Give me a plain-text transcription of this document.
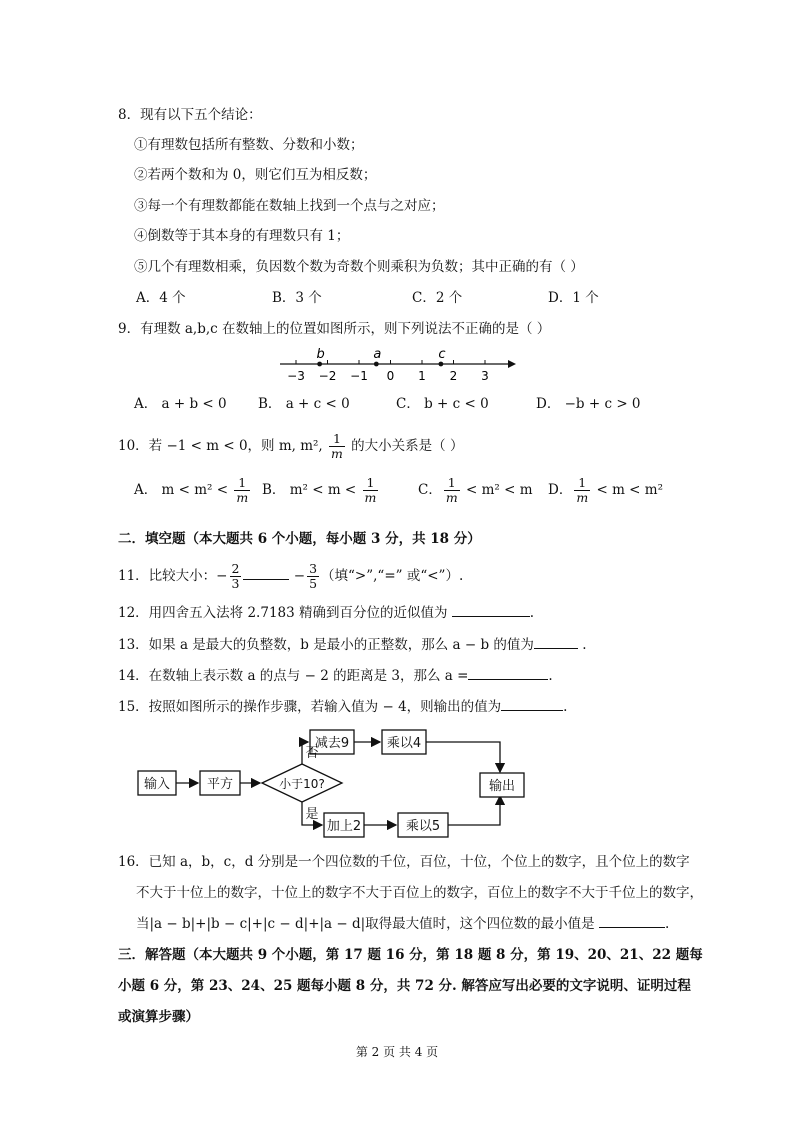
8．现有以下五个结论：
①有理数包括所有整数、分数和小数；
②若两个数和为 0，则它们互为相反数；
③每一个有理数都能在数轴上找到一个点与之对应；
④倒数等于其本身的有理数只有 1；
⑤几个有理数相乘，负因数个数为奇数个则乘积为负数；其中正确的有（ ）
A．4 个	B．3 个	C．2 个	D．1 个
9．有理数 a,b,c 在数轴上的位置如图所示，则下列说法不正确的是（ ）
−3 −2 −1 0 1 2 3
b	a	c
A． a + b < 0 B． a + c < 0	C． b + c < 0	D． −b + c > 0
10．若 −1 < m < 0，则 m, m², $\frac{1}{m}$ 的大小关系是（ ）
A． $m < m^2 < \frac{1}{m}$ B． $m^2 < m < \frac{1}{m}$	C． $\frac{1}{m} < m^2 < m$ D． $\frac{1}{m} < m < m^2$
二．填空题（本大题共 6 个小题，每小题 3 分，共 18 分）
11．比较大小：− $\frac{2}{3}$	− $\frac{3}{5}$ （填“>”,“=” 或“<”）.
12．用四舍五入法将 2.7183 精确到百分位的近似值为	.
13．如果 a 是最大的负整数，b 是最小的正整数，那么 a − b 的值为	.
14．在数轴上表示数 a 的点与 − 2 的距离是 3，那么 a =	.
15．按照如图所示的操作步骤，若输入值为 − 4，则输出的值为	.
输入	平方	小于10?
减去9	乘以4
输出
加上2	乘以5
否
是
16．已知 a，b，c，d 分别是一个四位数的千位，百位，十位，个位上的数字，且个位上的数字
不大于十位上的数字，十位上的数字不大于百位上的数字，百位上的数字不大于千位上的数字，
当|a − b|+|b − c|+|c − d|+|a − d|取得最大值时，这个四位数的最小值是	.
三．解答题（本大题共 9 个小题，第 17 题 16 分，第 18 题 8 分，第 19、20、21、22 题每
小题 6 分，第 23、24、25 题每小题 8 分，共 72 分. 解答应写出必要的文字说明、证明过程
或演算步骤）
第 2 页 共 4 页
